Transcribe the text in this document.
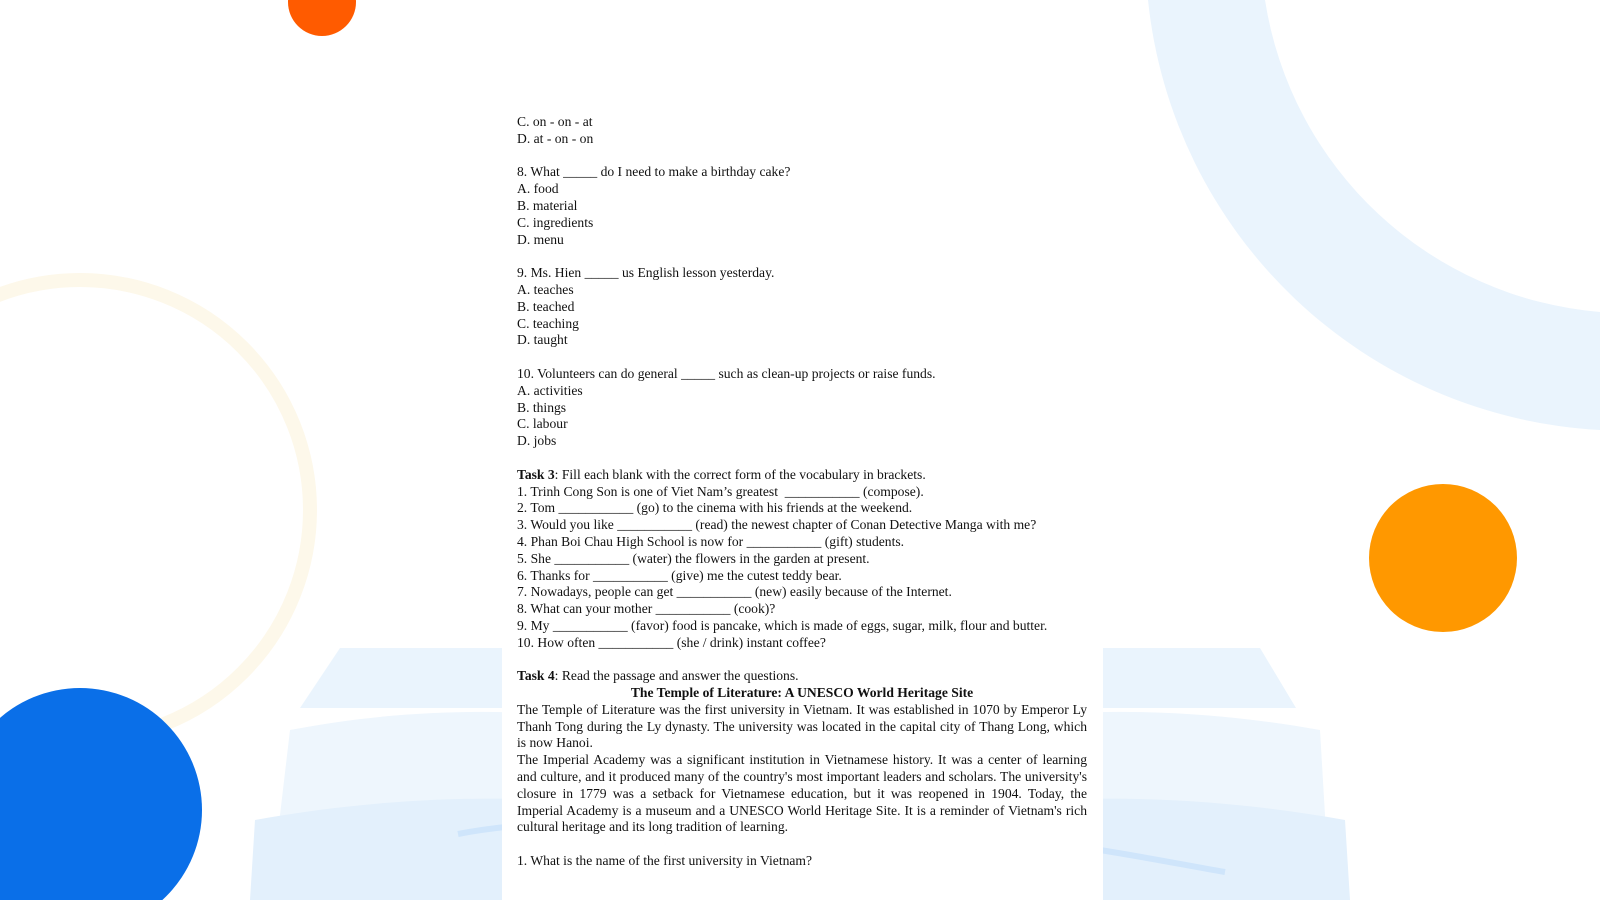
C. on - on - at
D. at - on - on
8. What _____ do I need to make a birthday cake?
A. food
B. material
C. ingredients
D. menu
9. Ms. Hien _____ us English lesson yesterday.
A. teaches
B. teached
C. teaching
D. taught
10. Volunteers can do general _____ such as clean-up projects or raise funds.
A. activities
B. things
C. labour
D. jobs
Task 3: Fill each blank with the correct form of the vocabulary in brackets.
1. Trinh Cong Son is one of Viet Nam’s greatest  ___________ (compose).
2. Tom ___________ (go) to the cinema with his friends at the weekend.
3. Would you like ___________ (read) the newest chapter of Conan Detective Manga with me?
4. Phan Boi Chau High School is now for ___________ (gift) students.
5. She ___________ (water) the flowers in the garden at present.
6. Thanks for ___________ (give) me the cutest teddy bear.
7. Nowadays, people can get ___________ (new) easily because of the Internet.
8. What can your mother ___________ (cook)?
9. My ___________ (favor) food is pancake, which is made of eggs, sugar, milk, flour and butter.
10. How often ___________ (she / drink) instant coffee?
Task 4: Read the passage and answer the questions.
The Temple of Literature: A UNESCO World Heritage Site
The Temple of Literature was the first university in Vietnam. It was established in 1070 by Emperor Ly Thanh Tong during the Ly dynasty. The university was located in the capital city of Thang Long, which is now Hanoi.
The Imperial Academy was a significant institution in Vietnamese history. It was a center of learning and culture, and it produced many of the country's most important leaders and scholars. The university's closure in 1779 was a setback for Vietnamese education, but it was reopened in 1904. Today, the Imperial Academy is a museum and a UNESCO World Heritage Site. It is a reminder of Vietnam's rich cultural heritage and its long tradition of learning.
1. What is the name of the first university in Vietnam?
